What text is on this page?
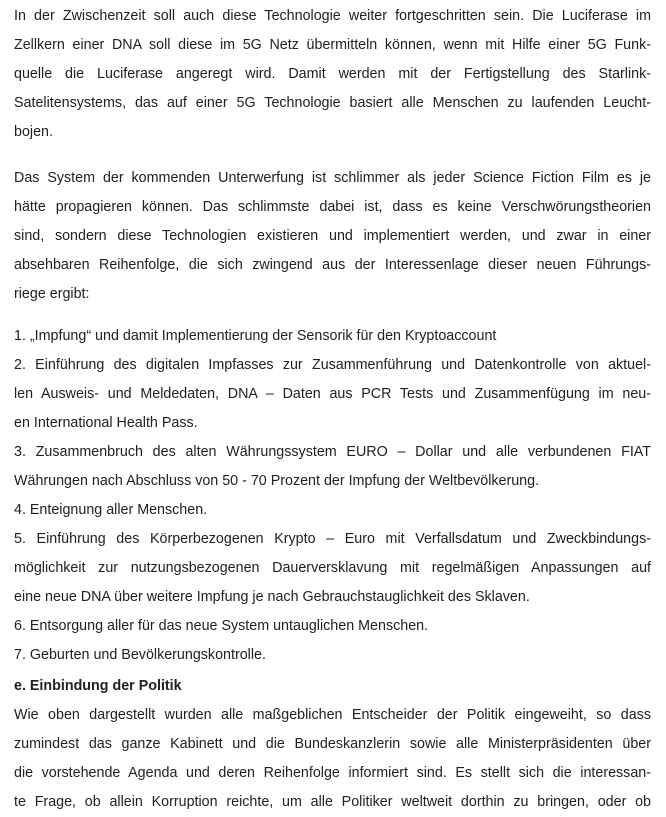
In der Zwischenzeit soll auch diese Technologie weiter fortgeschritten sein. Die Luciferase im
Zellkern einer DNA soll diese im 5G Netz übermitteln können, wenn mit Hilfe einer 5G Funk-
quelle die Luciferase angeregt wird. Damit werden mit der Fertigstellung des Starlink-
Satelitensystems, das auf einer 5G Technologie basiert alle Menschen zu laufenden Leucht-
bojen.
Das System der kommenden Unterwerfung ist schlimmer als jeder Science Fiction Film es je
hätte propagieren können. Das schlimmste dabei ist, dass es keine Verschwörungstheorien
sind, sondern diese Technologien existieren und implementiert werden, und zwar in einer
absehbaren Reihenfolge, die sich zwingend aus der Interessenlage dieser neuen Führungs-
riege ergibt:
1. „Impfung“ und damit Implementierung der Sensorik für den Kryptoaccount
2. Einführung des digitalen Impfasses zur Zusammenführung und Datenkontrolle von aktuel-
len Ausweis- und Meldedaten, DNA – Daten aus PCR Tests und Zusammenfügung im neu-
en International Health Pass.
3. Zusammenbruch des alten Währungssystem EURO – Dollar und alle verbundenen FIAT
Währungen nach Abschluss von 50 - 70 Prozent der Impfung der Weltbevölkerung.
4. Enteignung aller Menschen.
5. Einführung des Körperbezogenen Krypto – Euro mit Verfallsdatum und Zweckbindungs-
möglichkeit zur nutzungsbezogenen Dauerversklavung mit regelmäßigen Anpassungen auf
eine neue DNA über weitere Impfung je nach Gebrauchstauglichkeit des Sklaven.
6. Entsorgung aller für das neue System untauglichen Menschen.
7. Geburten und Bevölkerungskontrolle.
e. Einbindung der Politik
Wie oben dargestellt wurden alle maßgeblichen Entscheider der Politik eingeweiht, so dass
zumindest das ganze Kabinett und die Bundeskanzlerin sowie alle Ministerpräsidenten über
die vorstehende Agenda und deren Reihenfolge informiert sind. Es stellt sich die interessan-
te Frage, ob allein Korruption reichte, um alle Politiker weltweit dorthin zu bringen, oder ob
